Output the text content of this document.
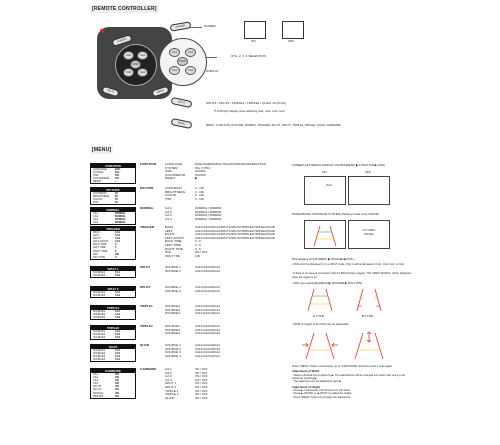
[REMOTE CONTROLLER]
[MENU]
POWER
CA1	CA2
CA3	CA4
DISP
SPLIT	MENU
POWER	POWER
CA1	CA2
CA3	CA4
DISP
CH1, 2, 3, 4 SELECTION
DISPLAY
ON	OFF
SPLIT	SPLIT1 / SPLIT2 / TRIPLE1 / TRIPLE2 / QUAD / AUTO(A)
※ AUTO(A) display: Auto switching CA1, CA2, CA3, CA4
MENU	MENU : FUNCTION, PICTURE, NORMAL, TRIGGER, SPLIT1, SPLIT2, TRIPLE1, TRIPLE2, QUAD, CAMMODE
FUNCTION
LANGUAGE	ENG
SYSTEM	PAL
OSD	ON
CCD MIRROR ON
RESET	✓
PICTURE
CONTRAST	50
BRIGHTNESS 50
COLOR	50
TINT	50
NORMAL
CA1	NORMAL
CA2	NORMAL
CA3	NORMAL
CA4	NORMAL
TRIGGER
BACK	CA1
LEFT	CA2
RIGHT	CA3
LEFT+RIGHT	CA4
BACK TIME	3
LEFT TIME	3
RIGHT TIME	3
PAS	ON
PAS TYPE	A
SPLIT 1
SOURCE1	CA1
SOURCE2	CA2
SPLIT 2
SOURCE1	CA1
SOURCE2	CA2
TRIPLE1
SOURCE1	CA1
SOURCE2	CA2
SOURCE3	CA3
TRIPLE2
SOURCE1	CA1
SOURCE2	CA2
SOURCE3	CA3
QUAD
SOURCE1	CA1
SOURCE2	CA2
SOURCE3	CA3
SOURCE4	CA4
CAMMODE
CA1	ON
CA2	ON
CA3	ON
CA4	ON
SPLIT1	ON
SPLIT2	ON
TRIPLE1	ON
TRIPLE2	ON
FUNCTION	LANGUAGE	ENGLISH/ESPAÑOL/ITALIANO/FRANÇAIS/DEUTSCH
SYSTEM	PAL / NTSC
OSD	ON/OFF
CCD MIRROR	ON/OFF
RESET	▶
PICTURE	CONTRAST	0 - 100
BRIGHTNESS	0 - 100
COLOR	0 - 100
TINT	0 - 100
NORMAL	CA 1	NORMAL / MIRROR
CA 2	NORMAL / MIRROR
CA 3	NORMAL / MIRROR
CA 4	NORMAL / MIRROR
TRIGGER	BACK	CA1/CA2/CA3/CA4/SPLIT1/SPLIT2/TRIPLE1/TRIPLE2/QUAD
LEFT	CA1/CA2/CA3/CA4/SPLIT1/SPLIT2/TRIPLE1/TRIPLE2/QUAD
RIGHT	CA1/CA2/CA3/CA4/SPLIT1/SPLIT2/TRIPLE1/TRIPLE2/QUAD
LEFT+RIGHT	CA1/CA2/CA3/CA4/SPLIT1/SPLIT2/TRIPLE1/TRIPLE2/QUAD
BACK TIME	0 - 5
LEFT TIME	0 - 5
RIGHT TIME	0 - 5
PAS	ON / OFF
PAS TYPE	A/B
SPLIT1	SOURCE 1	CA1/CA2/CA3/CA4
SOURCE 2	CA1/CA2/CA3/CA4
SPLIT2	SOURCE 1	CA1/CA2/CA3/CA4
SOURCE 2	CA1/CA2/CA3/CA4
TRIPLE1	SOURCE1	CA1/CA2/CA3/CA4
SOURCE2	CA1/CA2/CA3/CA4
SOURCE3	CA1/CA2/CA3/CA4
TRIPLE2	SOURCE1	CA1/CA2/CA3/CA4
SOURCE2	CA1/CA2/CA3/CA4
SOURCE3	CA1/CA2/CA3/CA4
QUAD	SOURCE 1	CA1/CA2/CA3/CA4
SOURCE 2	CA1/CA2/CA3/CA4
SOURCE 3	CA1/CA2/CA3/CA4
SOURCE 4	CA1/CA2/CA3/CA4
CAMMODE	CA 1	ON / OFF
CA 2	ON / OFF
CA 3	ON / OFF
CA 4	ON / OFF
SPLIT 1	ON / OFF
SPLIT 2	ON / OFF
TRIPLE 1	ON / OFF
TRIPLE 2	ON / OFF
QUAD	ON / OFF
CAMERA LETTERING DISPLAY ON/OFF(MENU ▶ FUNCTION ▶ OSD)
ON	OFF
CA1
PAS(PARKING ASSTANCE SYSTEM)-Parking Guide Line) ON/OFF
NO VIDEO SIGNAL
PAS displays On/Off (MENU ▶ TRIGGER ▶ PAS )
• PAS and it be displayed on in a SPLIT mode. Only it will be displayed in CA1, CA2, CA3, or CA4.
• If there is no camera connection with the BACK(Green trigger), "NO VIDEO SIGNAL" will be displayed when the trigger is on.
• PAS type selectable(MENU ▶ TRIGGER ▶ PAS TYPE)
A TYPE	B TYPE
• Width & height of the PAS can be adjustable.
Press "MENU" button continuously up to "CAM MODE" and then press it once again.
Adjustment of Width
- Select a desired line to adjust by ▶. The selected line will be changed into white color one by one whenever pressing ▶.
- The select line can be adjusted by ◀ or ▶.
Adjustment of Height
- Press ▶ continuously until all lines turn into white.
- Press ▶ (ZOOM) or ◀ (SPLIT) to adjust the height.
- Press "MENU" button to complete the adjustment.
